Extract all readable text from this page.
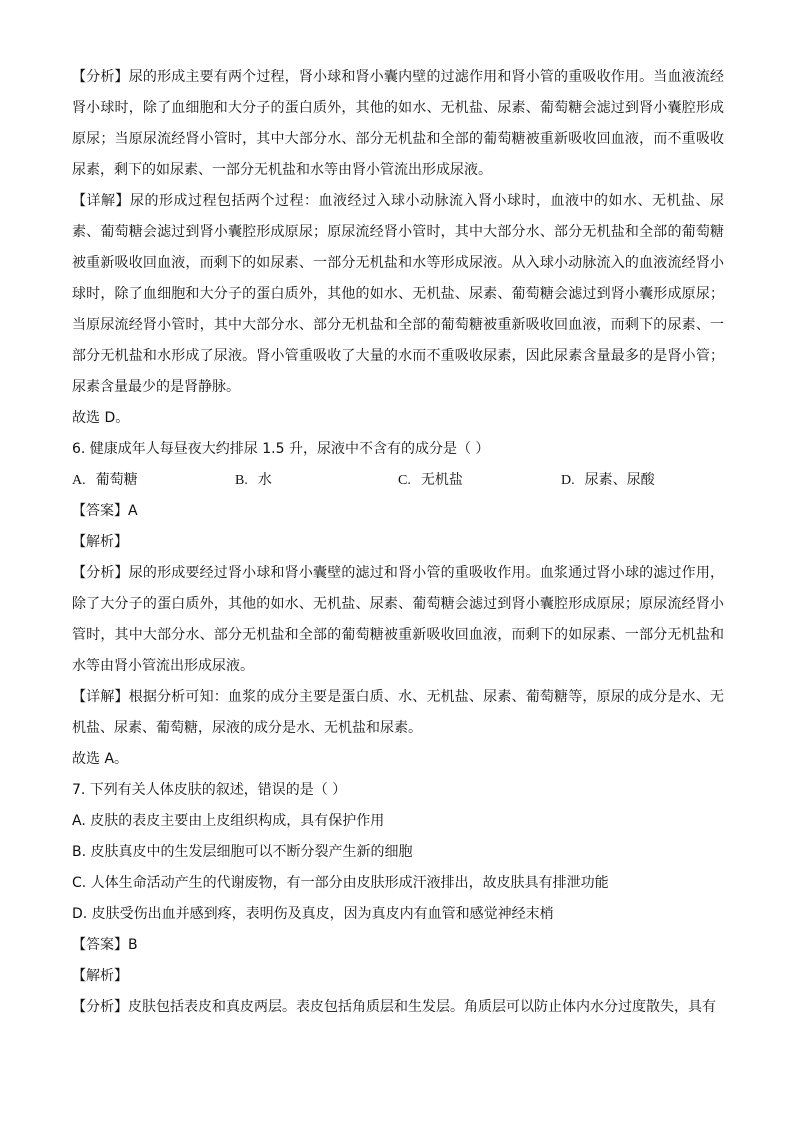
【分析】尿的形成主要有两个过程，肾小球和肾小囊内壁的过滤作用和肾小管的重吸收作用。当血液流经肾小球时，除了血细胞和大分子的蛋白质外，其他的如水、无机盐、尿素、葡萄糖会滤过到肾小囊腔形成原尿；当原尿流经肾小管时，其中大部分水、部分无机盐和全部的葡萄糖被重新吸收回血液，而不重吸收尿素，剩下的如尿素、一部分无机盐和水等由肾小管流出形成尿液。

【详解】尿的形成过程包括两个过程：血液经过入球小动脉流入肾小球时，血液中的如水、无机盐、尿素、葡萄糖会滤过到肾小囊腔形成原尿；原尿流经肾小管时，其中大部分水、部分无机盐和全部的葡萄糖被重新吸收回血液，而剩下的如尿素、一部分无机盐和水等形成尿液。从入球小动脉流入的血液流经肾小球时，除了血细胞和大分子的蛋白质外，其他的如水、无机盐、尿素、葡萄糖会滤过到肾小囊形成原尿；当原尿流经肾小管时，其中大部分水、部分无机盐和全部的葡萄糖被重新吸收回血液，而剩下的尿素、一部分无机盐和水形成了尿液。肾小管重吸收了大量的水而不重吸收尿素，因此尿素含量最多的是肾小管；尿素含量最少的是肾静脉。

故选 D。

6. 健康成年人每昼夜大约排尿 1.5 升，尿液中不含有的成分是（ ）

A. 葡萄糖	B. 水	C. 无机盐	D. 尿素、尿酸

【答案】A

【解析】

【分析】尿的形成要经过肾小球和肾小囊壁的滤过和肾小管的重吸收作用。血浆通过肾小球的滤过作用，除了大分子的蛋白质外，其他的如水、无机盐、尿素、葡萄糖会滤过到肾小囊腔形成原尿；原尿流经肾小管时，其中大部分水、部分无机盐和全部的葡萄糖被重新吸收回血液，而剩下的如尿素、一部分无机盐和水等由肾小管流出形成尿液。

【详解】根据分析可知：血浆的成分主要是蛋白质、水、无机盐、尿素、葡萄糖等，原尿的成分是水、无机盐、尿素、葡萄糖，尿液的成分是水、无机盐和尿素。

故选 A。

7. 下列有关人体皮肤的叙述，错误的是（ ）

A. 皮肤的表皮主要由上皮组织构成，具有保护作用

B. 皮肤真皮中的生发层细胞可以不断分裂产生新的细胞

C. 人体生命活动产生的代谢废物，有一部分由皮肤形成汗液排出，故皮肤具有排泄功能

D. 皮肤受伤出血并感到疼，表明伤及真皮，因为真皮内有血管和感觉神经末梢

【答案】B

【解析】

【分析】皮肤包括表皮和真皮两层。表皮包括角质层和生发层。角质层可以防止体内水分过度散失，具有
